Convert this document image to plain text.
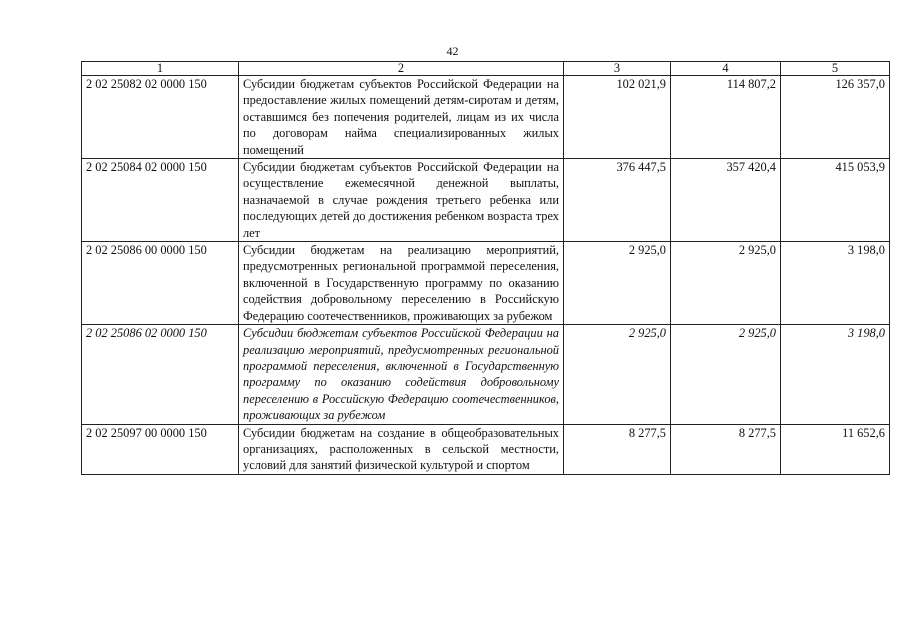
42
1	2	3	4	5
2 02 25082 02 0000 150	Субсидии бюджетам субъектов Российской Федерации на предоставление жилых помещений детям-сиротам и детям, оставшимся без попечения родителей, лицам из их числа по договорам найма специализированных жилых помещений	102 021,9	114 807,2	126 357,0
2 02 25084 02 0000 150	Субсидии бюджетам субъектов Российской Федерации на осуществление ежемесячной денежной выплаты, назначаемой в случае рождения третьего ребенка или последующих детей до достижения ребенком возраста трех лет	376 447,5	357 420,4	415 053,9
2 02 25086 00 0000 150	Субсидии бюджетам на реализацию мероприятий, предусмотренных региональной программой переселения, включенной в Государственную программу по оказанию содействия добровольному переселению в Российскую Федерацию соотечественников, проживающих за рубежом	2 925,0	2 925,0	3 198,0
2 02 25086 02 0000 150	Субсидии бюджетам субъектов Российской Федерации на реализацию мероприятий, предусмотренных региональной программой переселения, включенной в Государственную программу по оказанию содействия добровольному переселению в Российскую Федерацию соотечественников, проживающих за рубежом	2 925,0	2 925,0	3 198,0
2 02 25097 00 0000 150	Субсидии бюджетам на создание в общеобразовательных организациях, расположенных в сельской местности, условий для занятий физической культурой и спортом	8 277,5	8 277,5	11 652,6
